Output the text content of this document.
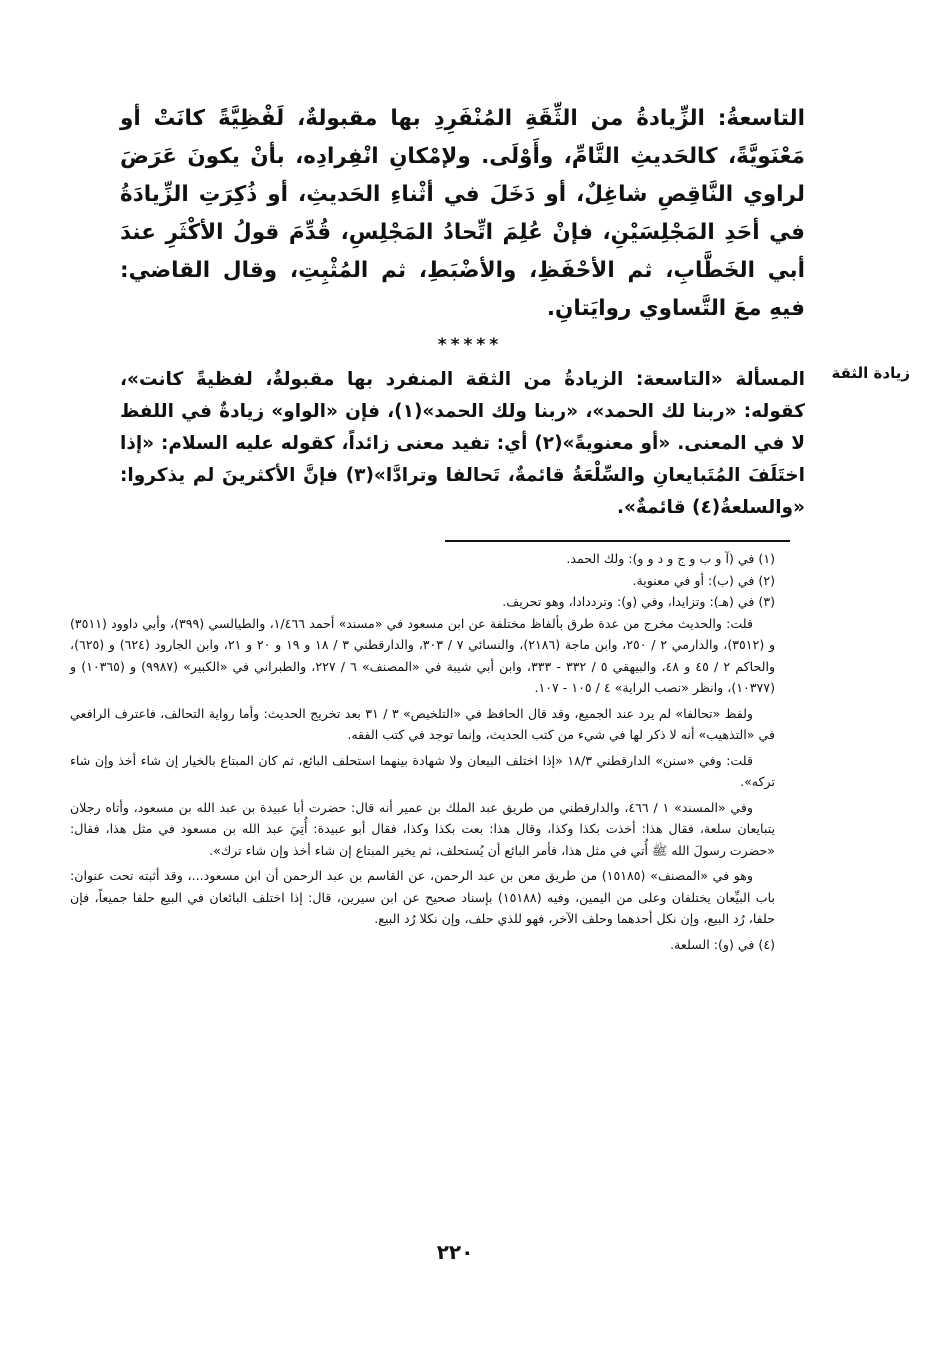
التاسعةُ: الزِّيادةُ من الثِّقَةِ المُنْفَرِدِ بها مقبولةٌ، لَفْظِيَّةً كانَتْ أو مَعْنَويَّةً، كالحَديثِ التَّامِّ، وأَوْلَى. ولإمْكانِ انْفِرادِه، بأنْ يكونَ عَرَضَ لراوي النَّاقِصِ شاغِلٌ، أو دَخَلَ في أثْناءِ الحَديثِ، أو ذُكِرَتِ الزِّيادَةُ في أحَدِ المَجْلِسَيْنِ، فإنْ عُلِمَ اتِّحادُ المَجْلِسِ، قُدِّمَ قولُ الأكْثَرِ عندَ أبي الخَطَّابِ، ثم الأحْفَظِ، والأضْبَطِ، ثم المُثْبِتِ، وقال القاضي: فيهِ معَ التَّساوي روايَتانِ.
*****
زيادة الثقة

المسألة «التاسعة: الزيادةُ من الثقة المنفرد بها مقبولةٌ، لفظيةً كانت»، كقوله: «ربنا لك الحمد»، «ربنا ولك الحمد»(١)، فإن «الواو» زيادةٌ في اللفظ لا في المعنى. «أو معنويةً»(٢) أي: تفيد معنى زائداً، كقوله عليه السلام: «إذا اختَلَفَ المُتَبايعانِ والسِّلْعَةُ قائمةٌ، تَحالفا وترادَّا»(٣) فإنَّ الأكثرينَ لم يذكروا: «والسلعةُ(٤) قائمةٌ».

(١) في (آ و ب و ج و د و و): ولك الحمد.

(٢) في (ب): أو في معنوية.

(٣) في (هـ): وتزايدا، وفي (و): وترددادا، وهو تحريف.

قلت: والحديث مخرج من عدة طرق بألفاظ مختلفة عن ابن مسعود في «مسند» أحمد ١/٤٦٦، والطيالسي (٣٩٩)، وأبي داوود (٣٥١١) و (٣٥١٢)، والدارمي ٢ / ٢٥٠، وابن ماجة (٢١٨٦)، والنسائي ٧ / ٣٠٣، والدارقطني ٣ / ١٨ و ١٩ و ٢٠ و ٢١، وابن الجارود (٦٢٤) و (٦٢٥)، والحاكم ٢ / ٤٥ و ٤٨، والبيهقي ٥ / ٣٣٢ - ٣٣٣، وابن أبي شيبة في «المصنف» ٦ / ٢٢٧، والطبراني في «الكبير» (٩٩٨٧) و (١٠٣٦٥) و (١٠٣٧٧)، وانظر «نصب الراية» ٤ / ١٠٥ - ١٠٧.

ولفظ «تحالفا» لم يرد عند الجميع، وقد قال الحافظ في «التلخيص» ٣ / ٣١ بعد تخريج الحديث: وأما رواية التحالف، فاعترف الرافعي في «التذهيب» أنه لا ذكر لها في شيء من كتب الحديث، وإنما توجد في كتب الفقه.

قلت: وفي «سنن» الدارقطني ١٨/٣ «إذا اختلف البيعان ولا شهادة بينهما استحلف البائع، ثم كان المبتاع بالخيار إن شاء أخذ وإن شاء تركه».

وفي «المسند» ١ / ٤٦٦، والدارقطني من طريق عبد الملك بن عمير أنه قال: حضرت أبا عبيدة بن عبد الله بن مسعود، وأتاه رجلان يتبايعان سلعة، فقال هذا: أخذت بكذا وكذا، وقال هذا: بعت بكذا وكذا، فقال أبو عبيدة: أُتِيَ عبد الله بن مسعود في مثل هذا، فقال: «حضرت رسولَ الله ﷺ أُتي في مثل هذا، فأمر البائع أن يُستحلف، ثم يخير المبتاع إن شاء أخذ وإن شاء ترك».

وهو في «المصنف» (١٥١٨٥) من طريق معن بن عبد الرحمن، عن القاسم بن عبد الرحمن أن ابن مسعود...، وقد أثبته تحت عنوان: باب البيِّعان يختلفان وعلى من اليمين، وفيه (١٥١٨٨) بإسناد صحيح عن ابن سيرين، قال: إذا اختلف البائعان في البيع حلفا جميعاً، فإن حلفا، رُد البيع، وإن نكل أحدهما وحلف الآخر، فهو للذي حلف، وإن نكلا رُد البيع.

(٤) في (و): السلعة.

٢٢٠
